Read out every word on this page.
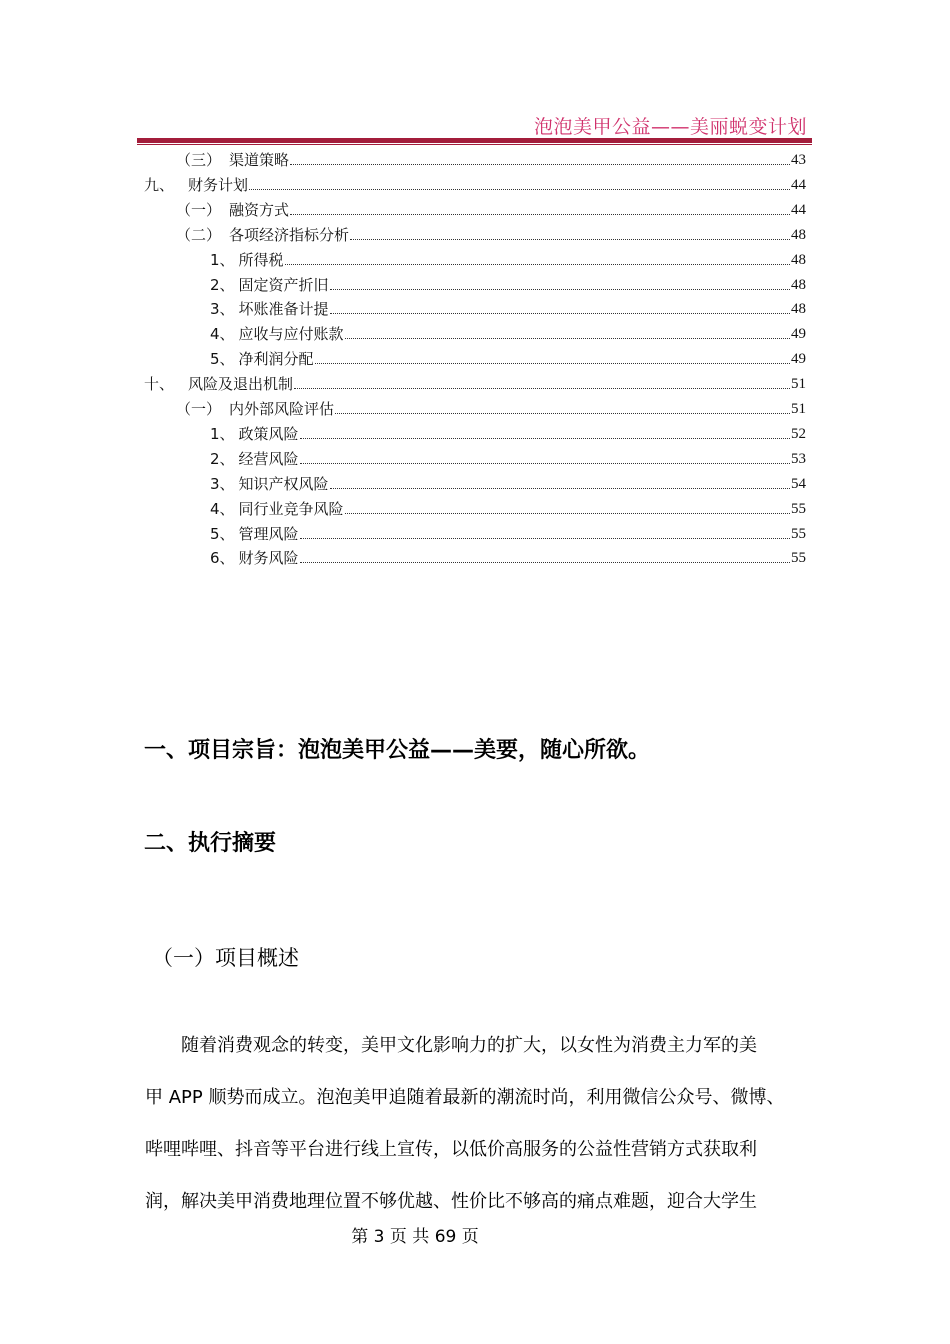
泡泡美甲公益——美丽蜕变计划
（三） 渠道策略	43
九、 财务计划	44
（一） 融资方式	44
（二） 各项经济指标分析	48
1、 所得税	48
2、 固定资产折旧	48
3、 坏账准备计提	48
4、 应收与应付账款	49
5、 净利润分配	49
十、 风险及退出机制	51
（一） 内外部风险评估	51
1、 政策风险	52
2、 经营风险	53
3、 知识产权风险	54
4、 同行业竞争风险	55
5、 管理风险	55
6、 财务风险	55
一、项目宗旨：泡泡美甲公益——美要，随心所欲。
二、执行摘要
（一）项目概述
随着消费观念的转变，美甲文化影响力的扩大，以女性为消费主力军的美
甲 APP 顺势而成立。泡泡美甲追随着最新的潮流时尚，利用微信公众号、微博、
哔哩哔哩、抖音等平台进行线上宣传，以低价高服务的公益性营销方式获取利
润，解决美甲消费地理位置不够优越、性价比不够高的痛点难题，迎合大学生
第 3 页 共 69 页
